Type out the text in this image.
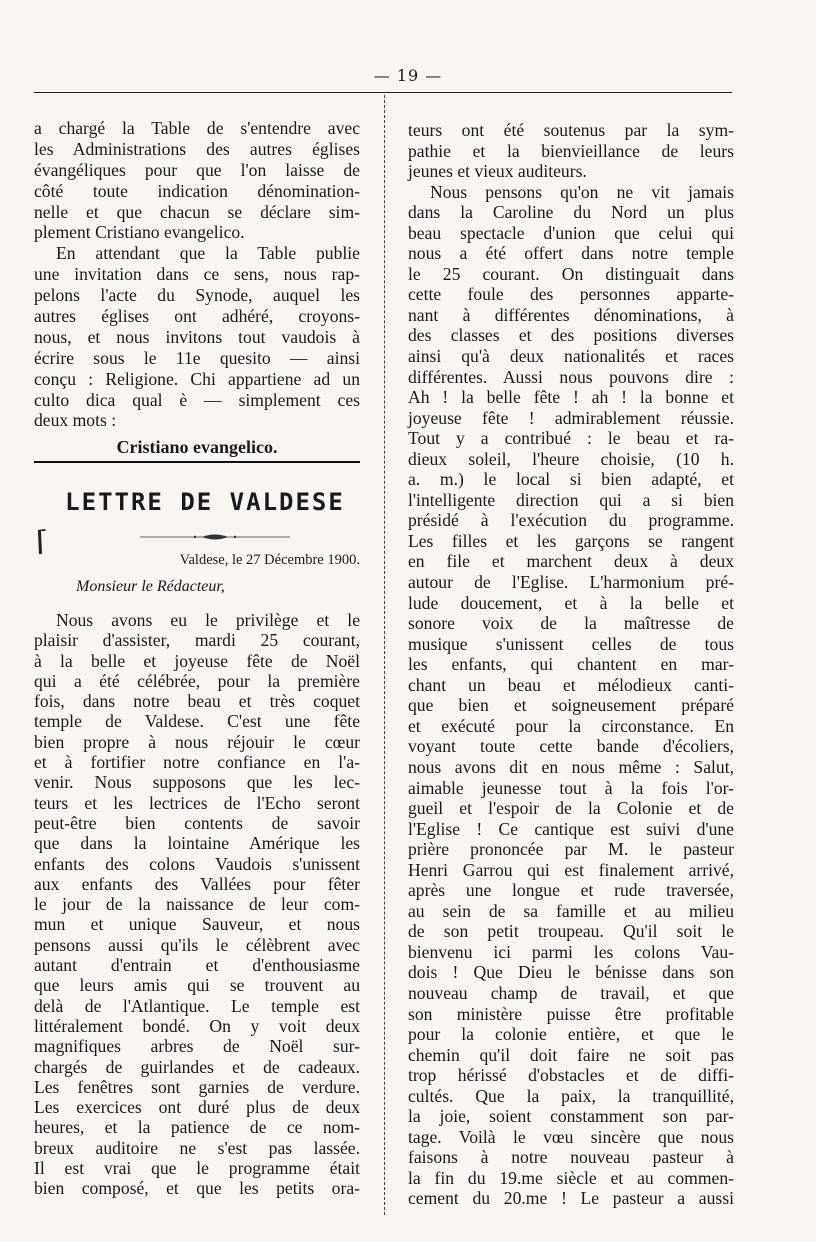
— 19 —
a chargé la Table de s'entendre avec
les Administrations des autres églises
évangéliques pour que l'on laisse de
côté toute indication dénomination-
nelle et que chacun se déclare sim-
plement Cristiano evangelico.
En attendant que la Table publie
une invitation dans ce sens, nous rap-
pelons l'acte du Synode, auquel les
autres églises ont adhéré, croyons-
nous, et nous invitons tout vaudois à
écrire sous le 11e quesito — ainsi
conçu : Religione. Chi appartiene ad un
culto dica qual è — simplement ces
deux mots :
Cristiano evangelico.
LETTRE DE VALDESE
Valdese, le 27 Décembre 1900.
Monsieur le Rédacteur,
Nous avons eu le privilège et le
plaisir d'assister, mardi 25 courant,
à la belle et joyeuse fête de Noël
qui a été célébrée, pour la première
fois, dans notre beau et très coquet
temple de Valdese. C'est une fête
bien propre à nous réjouir le cœur
et à fortifier notre confiance en l'a-
venir. Nous supposons que les lec-
teurs et les lectrices de l'Echo seront
peut-être bien contents de savoir
que dans la lointaine Amérique les
enfants des colons Vaudois s'unissent
aux enfants des Vallées pour fêter
le jour de la naissance de leur com-
mun et unique Sauveur, et nous
pensons aussi qu'ils le célèbrent avec
autant d'entrain et d'enthousiasme
que leurs amis qui se trouvent au
delà de l'Atlantique. Le temple est
littéralement bondé. On y voit deux
magnifiques arbres de Noël sur-
chargés de guirlandes et de cadeaux.
Les fenêtres sont garnies de verdure.
Les exercices ont duré plus de deux
heures, et la patience de ce nom-
breux auditoire ne s'est pas lassée.
Il est vrai que le programme était
bien composé, et que les petits ora-
teurs ont été soutenus par la sym-
pathie et la bienvieillance de leurs
jeunes et vieux auditeurs.
Nous pensons qu'on ne vit jamais
dans la Caroline du Nord un plus
beau spectacle d'union que celui qui
nous a été offert dans notre temple
le 25 courant. On distinguait dans
cette foule des personnes apparte-
nant à différentes dénominations, à
des classes et des positions diverses
ainsi qu'à deux nationalités et races
différentes. Aussi nous pouvons dire :
Ah ! la belle fête ! ah ! la bonne et
joyeuse fête ! admirablement réussie.
Tout y a contribué : le beau et ra-
dieux soleil, l'heure choisie, (10 h.
a. m.) le local si bien adapté, et
l'intelligente direction qui a si bien
présidé à l'exécution du programme.
Les filles et les garçons se rangent
en file et marchent deux à deux
autour de l'Eglise. L'harmonium pré-
lude doucement, et à la belle et
sonore voix de la maîtresse de
musique s'unissent celles de tous
les enfants, qui chantent en mar-
chant un beau et mélodieux canti-
que bien et soigneusement préparé
et exécuté pour la circonstance. En
voyant toute cette bande d'écoliers,
nous avons dit en nous même : Salut,
aimable jeunesse tout à la fois l'or-
gueil et l'espoir de la Colonie et de
l'Eglise ! Ce cantique est suivi d'une
prière prononcée par M. le pasteur
Henri Garrou qui est finalement arrivé,
après une longue et rude traversée,
au sein de sa famille et au milieu
de son petit troupeau. Qu'il soit le
bienvenu ici parmi les colons Vau-
dois ! Que Dieu le bénisse dans son
nouveau champ de travail, et que
son ministère puisse être profitable
pour la colonie entière, et que le
chemin qu'il doit faire ne soit pas
trop hérissé d'obstacles et de diffi-
cultés. Que la paix, la tranquillité,
la joie, soient constamment son par-
tage. Voilà le vœu sincère que nous
faisons à notre nouveau pasteur à
la fin du 19.me siècle et au commen-
cement du 20.me ! Le pasteur a aussi
